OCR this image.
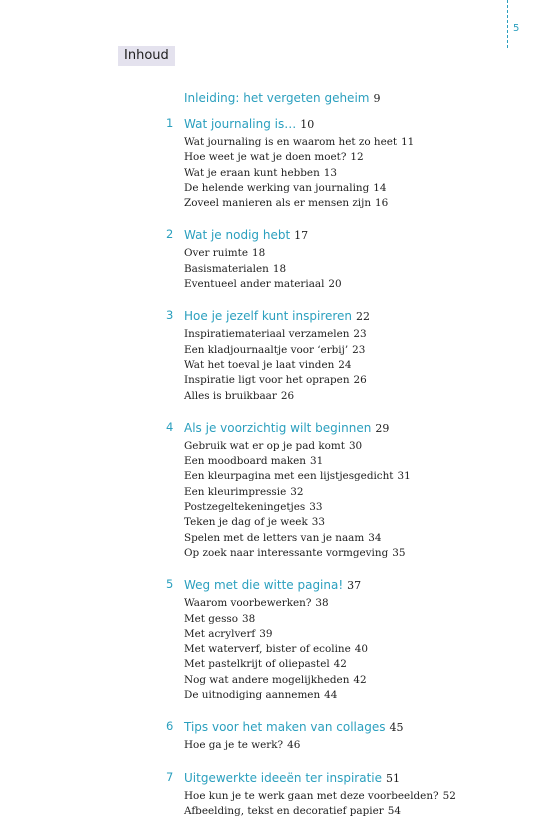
5
Inhoud
Inleiding: het vergeten geheim 9
1 Wat journaling is… 10
Wat journaling is en waarom het zo heet 11
Hoe weet je wat je doen moet? 12
Wat je eraan kunt hebben 13
De helende werking van journaling 14
Zoveel manieren als er mensen zijn 16
2 Wat je nodig hebt 17
Over ruimte 18
Basismaterialen 18
Eventueel ander materiaal 20
3 Hoe je jezelf kunt inspireren 22
Inspiratiemateriaal verzamelen 23
Een kladjournaaltje voor ‘erbij’ 23
Wat het toeval je laat vinden 24
Inspiratie ligt voor het oprapen 26
Alles is bruikbaar 26
4 Als je voorzichtig wilt beginnen 29
Gebruik wat er op je pad komt 30
Een moodboard maken 31
Een kleurpagina met een lijstjesgedicht 31
Een kleurimpressie 32
Postzegeltekeningetjes 33
Teken je dag of je week 33
Spelen met de letters van je naam 34
Op zoek naar interessante vormgeving 35
5 Weg met die witte pagina! 37
Waarom voorbewerken? 38
Met gesso 38
Met acrylverf 39
Met waterverf, bister of ecoline 40
Met pastelkrijt of oliepastel 42
Nog wat andere mogelijkheden 42
De uitnodiging aannemen 44
6 Tips voor het maken van collages 45
Hoe ga je te werk? 46
7 Uitgewerkte ideeën ter inspiratie 51
Hoe kun je te werk gaan met deze voorbeelden? 52
Afbeelding, tekst en decoratief papier 54
